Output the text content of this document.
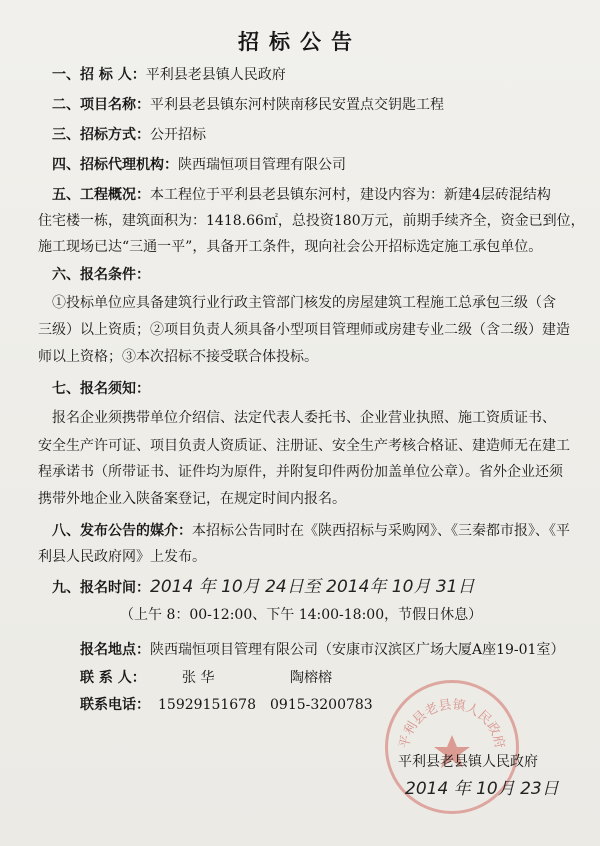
招标公告
一、招 标 人：平利县老县镇人民政府
二、项目名称：平利县老县镇东河村陕南移民安置点交钥匙工程
三、招标方式：公开招标
四、招标代理机构：陕西瑞恒项目管理有限公司
五、工程概况：本工程位于平利县老县镇东河村，建设内容为：新建4层砖混结构
住宅楼一栋，建筑面积为：1418.66㎡，总投资180万元，前期手续齐全，资金已到位，
施工现场已达“三通一平”，具备开工条件，现向社会公开招标选定施工承包单位。
六、报名条件：
①投标单位应具备建筑行业行政主管部门核发的房屋建筑工程施工总承包三级（含
三级）以上资质；②项目负责人须具备小型项目管理师或房建专业二级（含二级）建造
师以上资格；③本次招标不接受联合体投标。
七、报名须知：
报名企业须携带单位介绍信、法定代表人委托书、企业营业执照、施工资质证书、
安全生产许可证、项目负责人资质证、注册证、安全生产考核合格证、建造师无在建工
程承诺书（所带证书、证件均为原件，并附复印件两份加盖单位公章）。省外企业还须
携带外地企业入陕备案登记，在规定时间内报名。
八、发布公告的媒介：本招标公告同时在《陕西招标与采购网》、《三秦都市报》、《平
利县人民政府网》上发布。
九、报名时间：2014 年 10月 24日至 2014年 10月 31日
（上午 8：00-12:00、下午 14:00-18:00，节假日休息）
报名地点：陕西瑞恒项目管理有限公司（安康市汉滨区广场大厦A座19-01室）
联 系 人：	张 华	陶榕榕
联系电话： 15929151678 0915-3200783
平利县老县镇人民政府
平利县老县镇人民政府
2014 年 10月 23日
